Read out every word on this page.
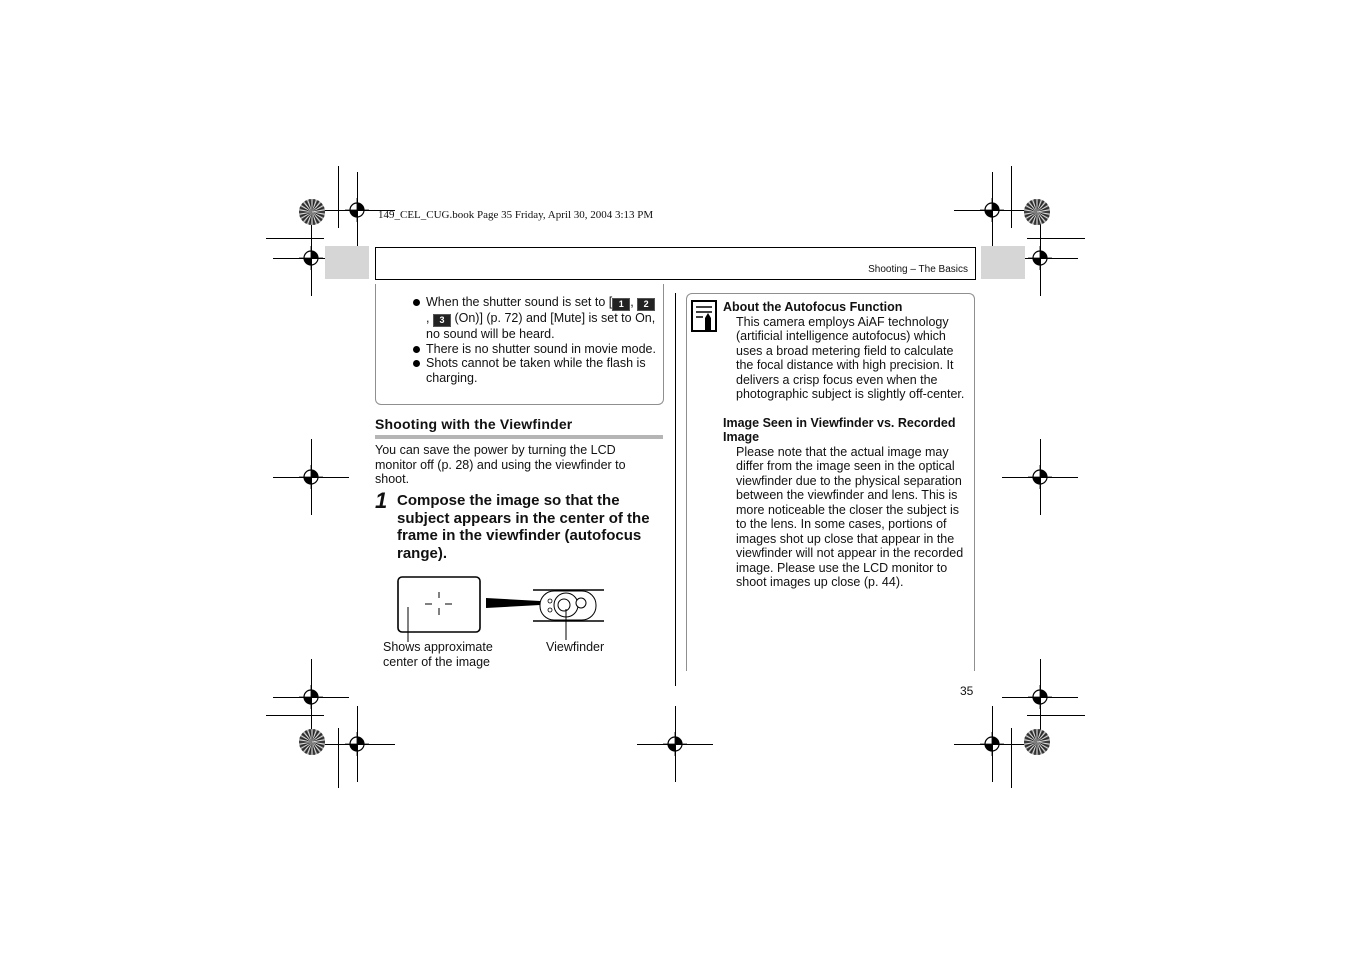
149_CEL_CUG.book Page 35 Friday, April 30, 2004 3:13 PM
Shooting – The Basics
When the shutter sound is set to [ 1 , 2, 3 (On)] (p. 72) and [Mute] is set to On, no sound will be heard.
There is no shutter sound in movie mode.
Shots cannot be taken while the flash is charging.
Shooting with the Viewfinder
You can save the power by turning the LCD monitor off (p. 28) and using the viewfinder to shoot.
1 Compose the image so that the subject appears in the center of the frame in the viewfinder (autofocus range).
Shows approximate center of the image
Viewfinder
About the Autofocus Function
This camera employs AiAF technology (artificial intelligence autofocus) which uses a broad metering field to calculate the focal distance with high precision. It delivers a crisp focus even when the photographic subject is slightly off-center.
Image Seen in Viewfinder vs. Recorded Image
Please note that the actual image may differ from the image seen in the optical viewfinder due to the physical separation between the viewfinder and lens. This is more noticeable the closer the subject is to the lens. In some cases, portions of images shot up close that appear in the viewfinder will not appear in the recorded image. Please use the LCD monitor to shoot images up close (p. 44).
35
